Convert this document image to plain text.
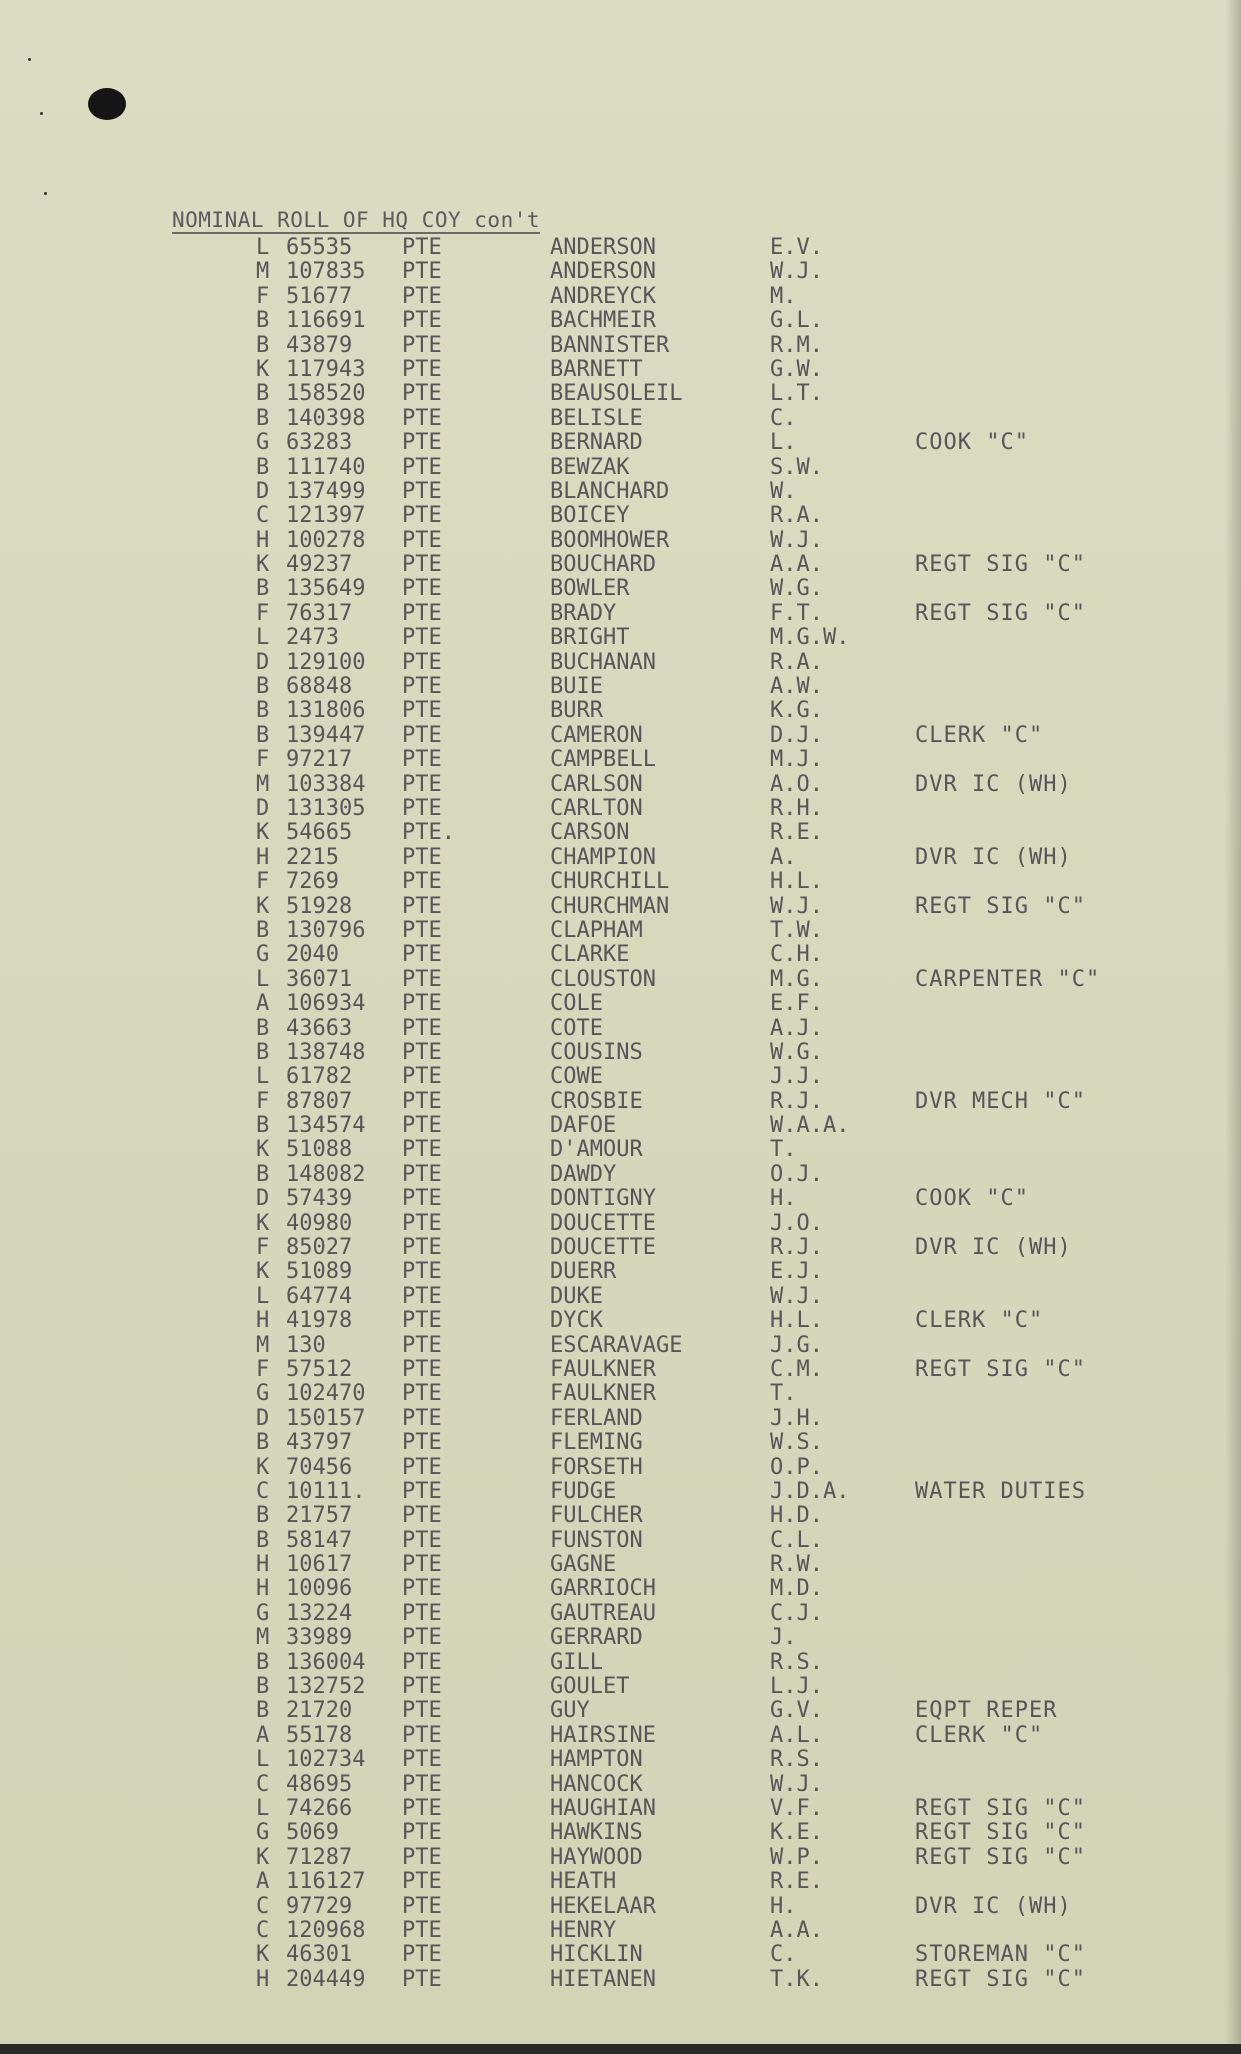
NOMINAL ROLL OF HQ COY con't
L 65535 PTE	ANDERSON	E.V.
M 107835 PTE	ANDERSON	W.J.
F 51677 PTE	ANDREYCK	M.
B 116691 PTE	BACHMEIR	G.L.
B 43879 PTE	BANNISTER	R.M.
K 117943 PTE	BARNETT	G.W.
B 158520 PTE	BEAUSOLEIL	L.T.
B 140398 PTE	BELISLE	C.
G 63283 PTE	BERNARD	L.	COOK "C"
B 111740 PTE	BEWZAK	S.W.
D 137499 PTE	BLANCHARD	W.
C 121397 PTE	BOICEY	R.A.
H 100278 PTE	BOOMHOWER	W.J.
K 49237 PTE	BOUCHARD	A.A.	REGT SIG "C"
B 135649 PTE	BOWLER	W.G.
F 76317 PTE	BRADY	F.T.	REGT SIG "C"
L 2473	PTE	BRIGHT	M.G.W.
D 129100 PTE	BUCHANAN	R.A.
B 68848 PTE	BUIE	A.W.
B 131806 PTE	BURR	K.G.
B 139447 PTE	CAMERON	D.J.	CLERK "C"
F 97217 PTE	CAMPBELL	M.J.
M 103384 PTE	CARLSON	A.O.	DVR IC (WH)
D 131305 PTE	CARLTON	R.H.
K 54665 PTE.	CARSON	R.E.
H 2215	PTE	CHAMPION	A.	DVR IC (WH)
F 7269	PTE	CHURCHILL	H.L.
K 51928 PTE	CHURCHMAN	W.J.	REGT SIG "C"
B 130796 PTE	CLAPHAM	T.W.
G 2040	PTE	CLARKE	C.H.
L 36071 PTE	CLOUSTON	M.G.	CARPENTER "C"
A 106934 PTE	COLE	E.F.
B 43663 PTE	COTE	A.J.
B 138748 PTE	COUSINS	W.G.
L 61782 PTE	COWE	J.J.
F 87807 PTE	CROSBIE	R.J.	DVR MECH "C"
B 134574 PTE	DAFOE	W.A.A.
K 51088 PTE	D'AMOUR	T.
B 148082 PTE	DAWDY	O.J.
D 57439 PTE	DONTIGNY	H.	COOK "C"
K 40980 PTE	DOUCETTE	J.O.
F 85027 PTE	DOUCETTE	R.J.	DVR IC (WH)
K 51089 PTE	DUERR	E.J.
L 64774 PTE	DUKE	W.J.
H 41978 PTE	DYCK	H.L.	CLERK "C"
M 130	PTE	ESCARAVAGE	J.G.
F 57512 PTE	FAULKNER	C.M.	REGT SIG "C"
G 102470 PTE	FAULKNER	T.
D 150157 PTE	FERLAND	J.H.
B 43797 PTE	FLEMING	W.S.
K 70456 PTE	FORSETH	O.P.
C 10111. PTE	FUDGE	J.D.A.	WATER DUTIES
B 21757 PTE	FULCHER	H.D.
B 58147 PTE	FUNSTON	C.L.
H 10617 PTE	GAGNE	R.W.
H 10096 PTE	GARRIOCH	M.D.
G 13224 PTE	GAUTREAU	C.J.
M 33989 PTE	GERRARD	J.
B 136004 PTE	GILL	R.S.
B 132752 PTE	GOULET	L.J.
B 21720 PTE	GUY	G.V.	EQPT REPER
A 55178 PTE	HAIRSINE	A.L.	CLERK "C"
L 102734 PTE	HAMPTON	R.S.
C 48695 PTE	HANCOCK	W.J.
L 74266 PTE	HAUGHIAN	V.F.	REGT SIG "C"
G 5069	PTE	HAWKINS	K.E.	REGT SIG "C"
K 71287 PTE	HAYWOOD	W.P.	REGT SIG "C"
A 116127 PTE	HEATH	R.E.
C 97729 PTE	HEKELAAR	H.	DVR IC (WH)
C 120968 PTE	HENRY	A.A.
K 46301 PTE	HICKLIN	C.	STOREMAN "C"
H 204449 PTE	HIETANEN	T.K.	REGT SIG "C"
